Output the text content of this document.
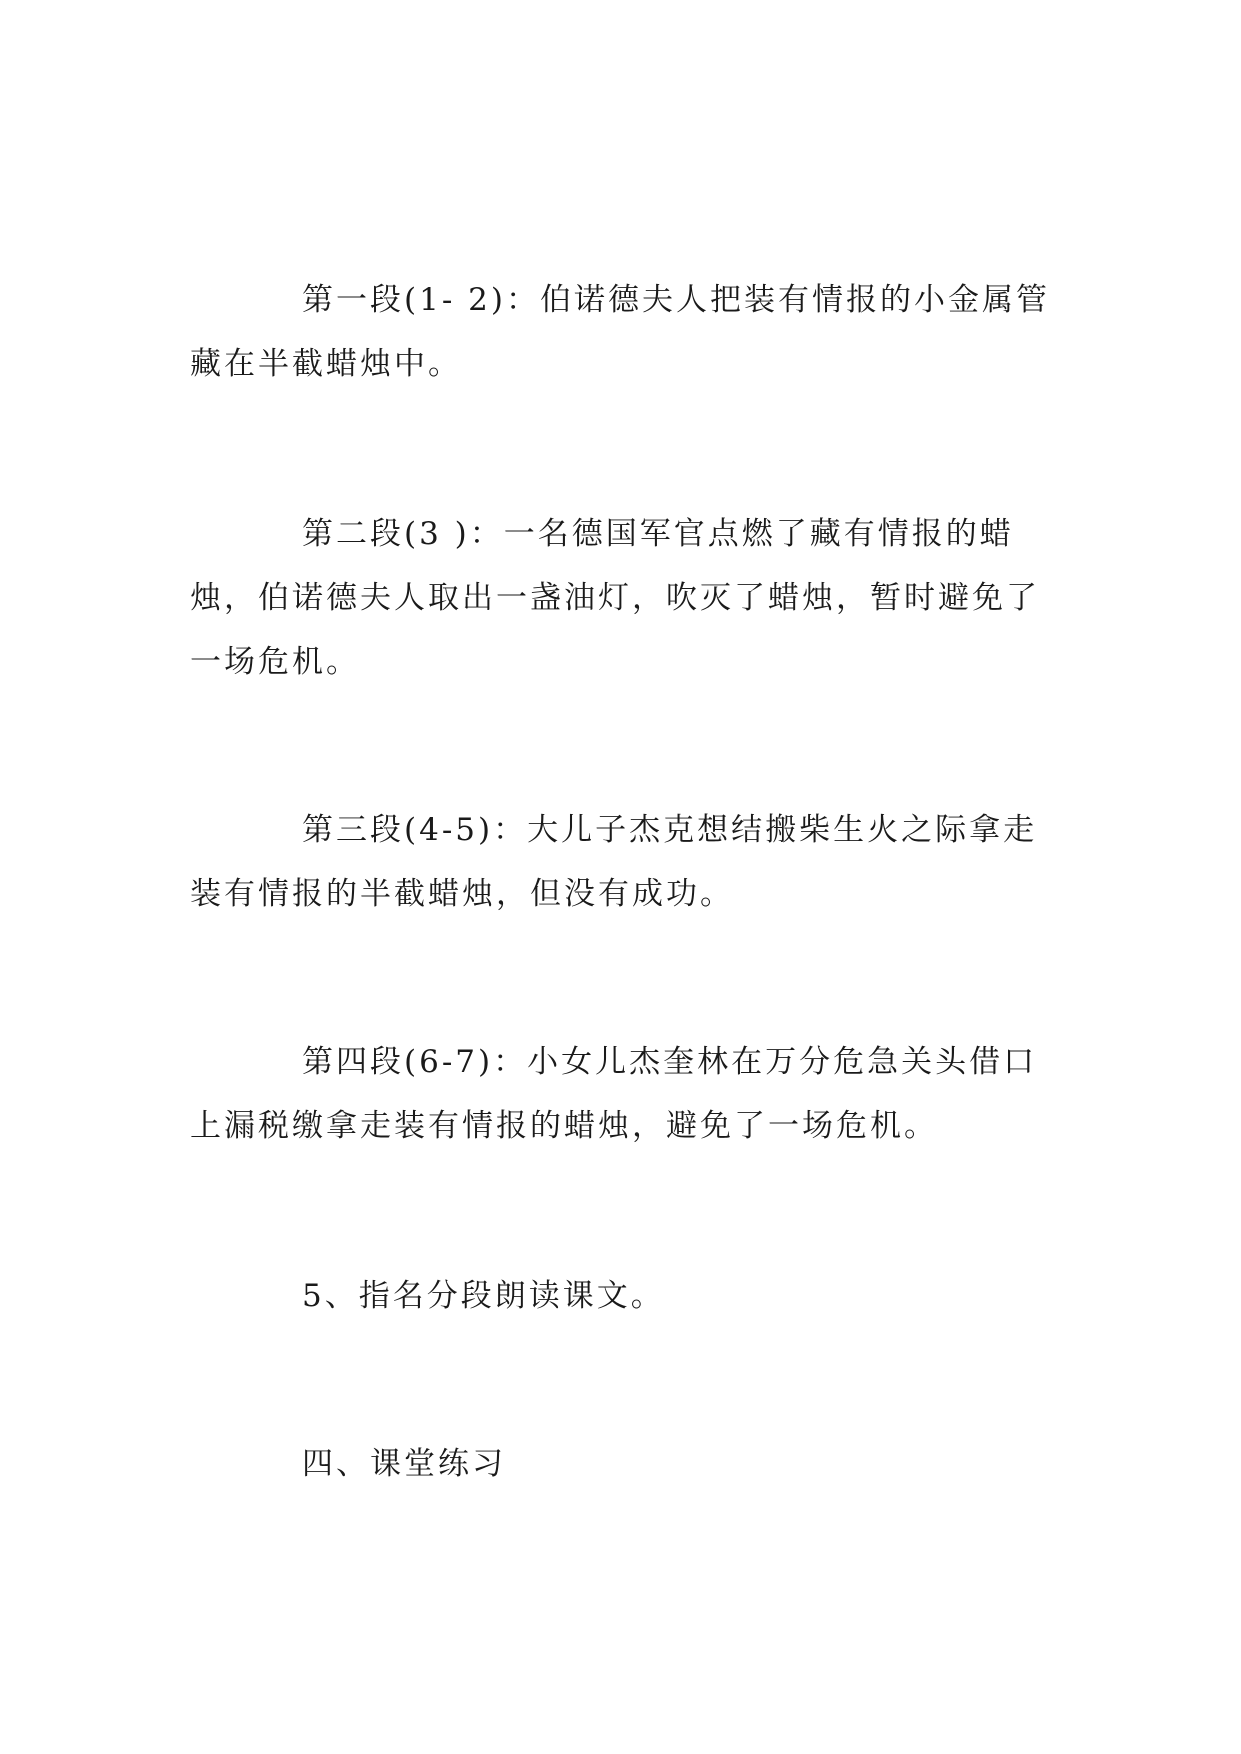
第一段(1- 2)：伯诺德夫人把装有情报的小金属管藏在半截蜡烛中。

第二段(3 )：一名德国军官点燃了藏有情报的蜡烛，伯诺德夫人取出一盏油灯，吹灭了蜡烛，暂时避免了一场危机。

第三段(4-5)：大儿子杰克想结搬柴生火之际拿走装有情报的半截蜡烛，但没有成功。

第四段(6-7)：小女儿杰奎林在万分危急关头借口上漏税缴拿走装有情报的蜡烛，避免了一场危机。

5、指名分段朗读课文。

四、课堂练习
